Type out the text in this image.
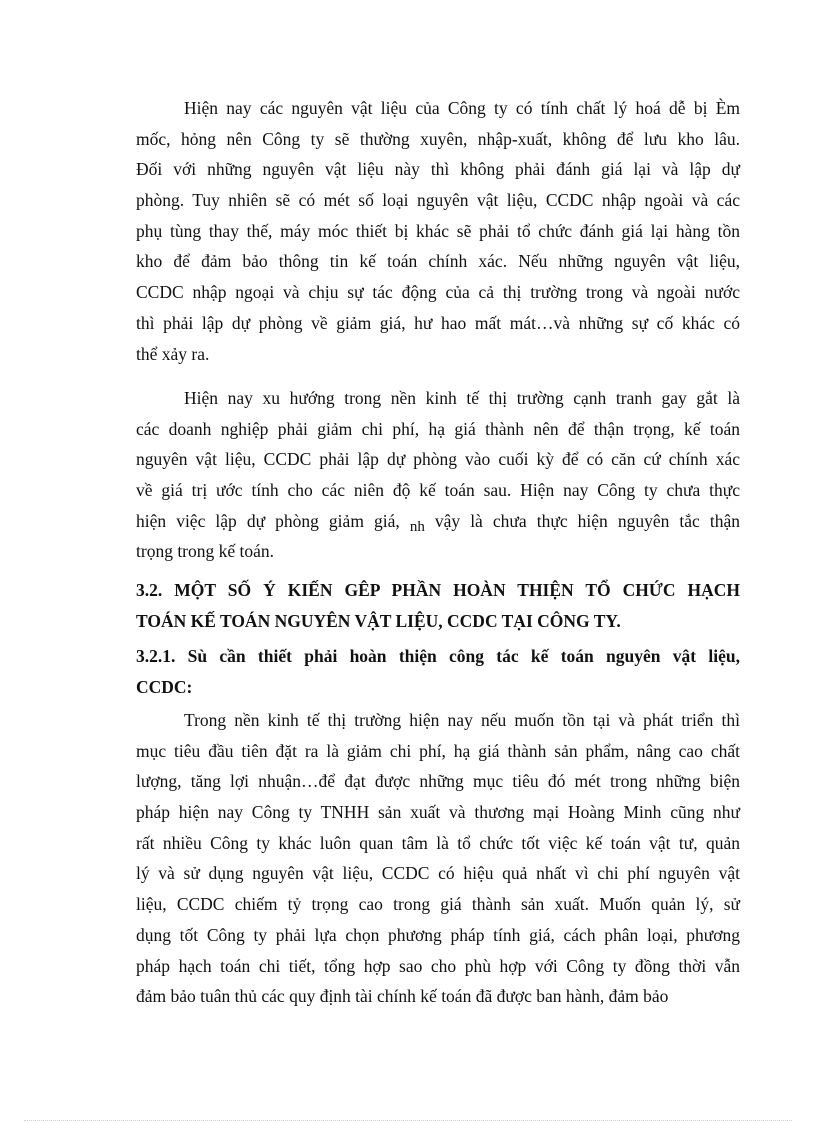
Hiện nay các nguyên vật liệu của Công ty có tính chất lý hoá dễ bị Èm
mốc, hỏng nên Công ty sẽ thường xuyên, nhập-xuất, không để lưu kho lâu.
Đối với những nguyên vật liệu này thì không phải đánh giá lại và lập dự
phòng. Tuy nhiên sẽ có mét số loại nguyên vật liệu, CCDC nhập ngoài và các
phụ tùng thay thế, máy móc thiết bị khác sẽ phải tổ chức đánh giá lại hàng tồn
kho để đảm bảo thông tin kế toán chính xác. Nếu những nguyên vật liệu,
CCDC nhập ngoại và chịu sự tác động của cả thị trường trong và ngoài nước
thì phải lập dự phòng về giảm giá, hư hao mất mát…và những sự cố khác có
thể xảy ra.
Hiện nay xu hướng trong nền kinh tế thị trường cạnh tranh gay gắt là
các doanh nghiệp phải giảm chi phí, hạ giá thành nên để thận trọng, kế toán
nguyên vật liệu, CCDC phải lập dự phòng vào cuối kỳ để có căn cứ chính xác
về giá trị ước tính cho các niên độ kế toán sau. Hiện nay Công ty chưa thực
hiện việc lập dự phòng giảm giá, nh vậy là chưa thực hiện nguyên tắc thận
trọng trong kế toán.
3.2. MỘT SỐ Ý KIẾN GÊP PHẦN HOÀN THIỆN TỔ CHỨC HẠCH
TOÁN KẾ TOÁN NGUYÊN VẬT LIỆU, CCDC TẠI CÔNG TY.
3.2.1. Sù cần thiết phải hoàn thiện công tác kế toán nguyên vật liệu,
CCDC:
Trong nền kinh tế thị trường hiện nay nếu muốn tồn tại và phát triển thì
mục tiêu đầu tiên đặt ra là giảm chi phí, hạ giá thành sản phẩm, nâng cao chất
lượng, tăng lợi nhuận…để đạt được những mục tiêu đó mét trong những biện
pháp hiện nay Công ty TNHH sản xuất và thương mại Hoàng Minh cũng như
rất nhiều Công ty khác luôn quan tâm là tổ chức tốt việc kế toán vật tư, quản
lý và sử dụng nguyên vật liệu, CCDC có hiệu quả nhất vì chi phí nguyên vật
liệu, CCDC chiếm tỷ trọng cao trong giá thành sản xuất. Muốn quản lý, sử
dụng tốt Công ty phải lựa chọn phương pháp tính giá, cách phân loại, phương
pháp hạch toán chi tiết, tổng hợp sao cho phù hợp với Công ty đồng thời vẫn
đảm bảo tuân thủ các quy định tài chính kế toán đã được ban hành, đảm bảo
